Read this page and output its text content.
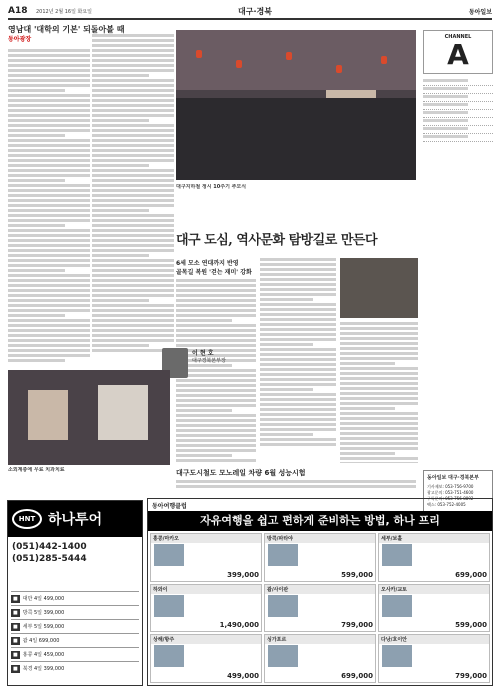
A18 2012년 2월 16일 화요일	대구·경북	동아일보
동아광장
영남대 '대학의 기본' 되돌아볼 때
대구지하철 정시 10주기 추모식
CHANNEL
A
대구 도심, 역사문화 탐방길로 만든다
6세 모소 연대까지 반영
골목길 복원 '걷는 재미' 강화
이 현 호
대구경북본부장
대구도시철도 모노레일 차량 6월 성능시험
소외계층에 무료 치과치료
동아일보 대구·경북본부
기사제보: 053-756-9700
광고문의: 053-751-4600
구독문의: 053-756-8892
팩스: 053-752-4005
HNT 하나투어
(051)442-1400
(051)285-5444
■	대만 4일 499,000
■	방콕 5일 399,000
■	세부 5일 599,000
■	괌 4일 699,000
■	홍콩 4일 459,000
■	북경 4일 399,000
동아여행클럽
자유여행을 쉽고 편하게 준비하는 방법, 하나 프리
홍콩/마카오
399,000
방콕/파타야
599,000
세부/보홀
699,000
하와이
1,490,000
괌/사이판
799,000
오사카/교토
599,000
상해/항주
499,000
싱가포르
699,000
다낭/호이안
799,000
